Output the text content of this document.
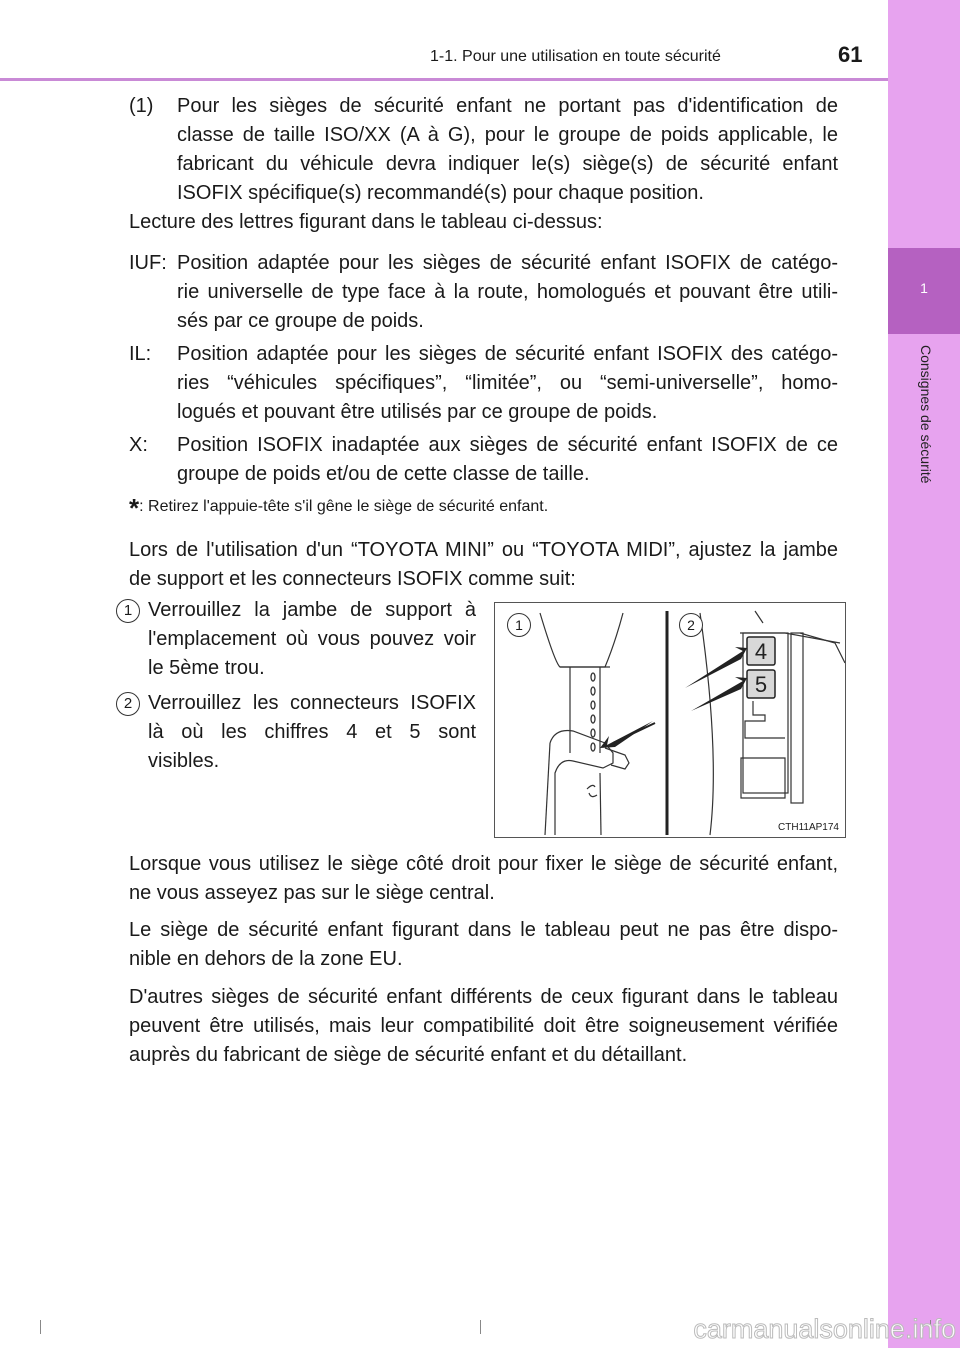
1-1. Pour une utilisation en toute sécurité	61
1
Consignes de sécurité
(1) Pour les sièges de sécurité enfant ne portant pas d'identification de
classe de taille ISO/XX (A à G), pour le groupe de poids applicable, le
fabricant du véhicule devra indiquer le(s) siège(s) de sécurité enfant
ISOFIX spécifique(s) recommandé(s) pour chaque position.
Lecture des lettres figurant dans le tableau ci-dessus:
IUF: Position adaptée pour les sièges de sécurité enfant ISOFIX de catégo-
rie universelle de type face à la route, homologués et pouvant être utili-
sés par ce groupe de poids.
IL: Position adaptée pour les sièges de sécurité enfant ISOFIX des catégo-
ries “véhicules spécifiques”, “limitée”, ou “semi-universelle”, homo-
logués et pouvant être utilisés par ce groupe de poids.
X: Position ISOFIX inadaptée aux sièges de sécurité enfant ISOFIX de ce
groupe de poids et/ou de cette classe de taille.
*: Retirez l'appuie-tête s'il gêne le siège de sécurité enfant.
Lors de l'utilisation d'un “TOYOTA MINI” ou “TOYOTA MIDI”, ajustez la jambe
de support et les connecteurs ISOFIX comme suit:
1 Verrouillez la jambe de support à
l'emplacement où vous pouvez voir
le 5ème trou.
2 Verrouillez les connecteurs ISOFIX
là où les chiffres 4 et 5 sont
visibles.
4
5
1	2
CTH11AP174
Lorsque vous utilisez le siège côté droit pour fixer le siège de sécurité enfant,
ne vous asseyez pas sur le siège central.
Le siège de sécurité enfant figurant dans le tableau peut ne pas être dispo-
nible en dehors de la zone EU.
D'autres sièges de sécurité enfant différents de ceux figurant dans le tableau
peuvent être utilisés, mais leur compatibilité doit être soigneusement vérifiée
auprès du fabricant de siège de sécurité enfant et du détaillant.
carmanualsonline.info
